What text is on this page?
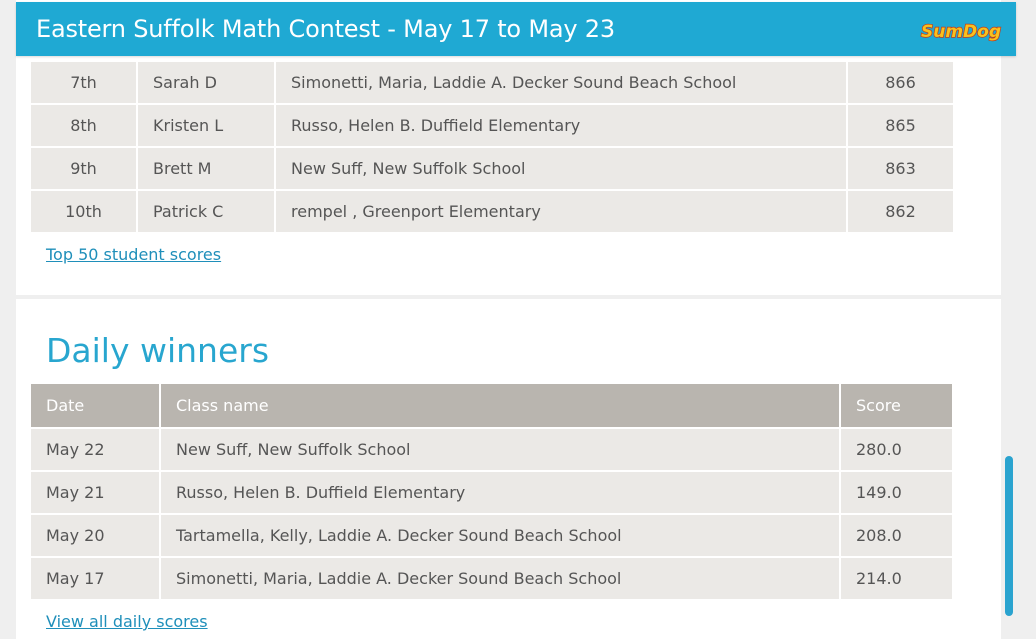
Eastern Suffolk Math Contest - May 17 to May 23	SumDog
7th	Sarah D	Simonetti, Maria, Laddie A. Decker Sound Beach School	866
8th	Kristen L	Russo, Helen B. Duffield Elementary	865
9th	Brett M	New Suff, New Suffolk School	863
10th	Patrick C	rempel , Greenport Elementary	862
Top 50 student scores
Daily winners
Date	Class name	Score
May 22	New Suff, New Suffolk School	280.0
May 21	Russo, Helen B. Duffield Elementary	149.0
May 20	Tartamella, Kelly, Laddie A. Decker Sound Beach School	208.0
May 17	Simonetti, Maria, Laddie A. Decker Sound Beach School	214.0
View all daily scores
